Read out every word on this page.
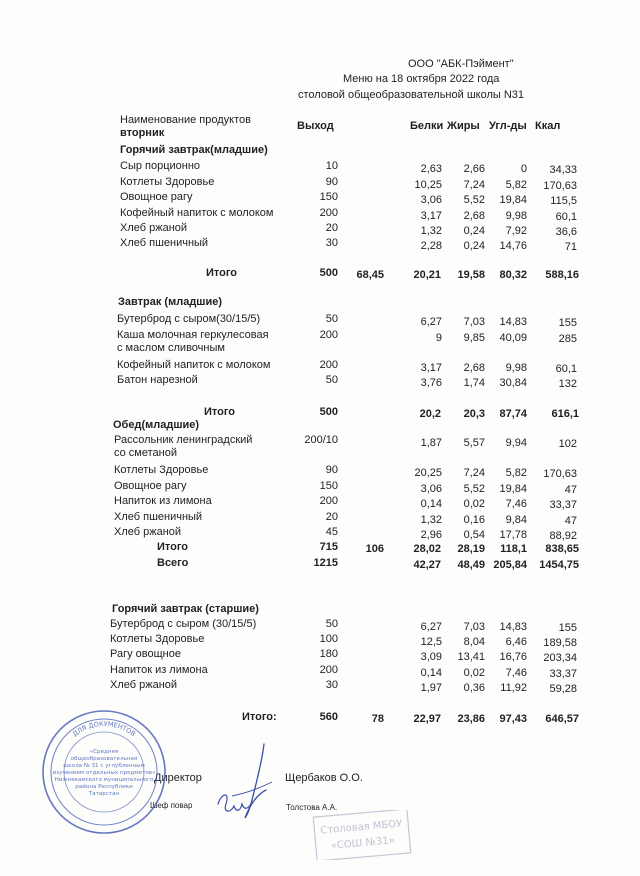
ООО "АБК-Пэймент"
Меню на 18 октября 2022 года
столовой общеобразовательной школы N31
Наименование продуктов
вторник
Выход	Белки Жиры Угл-ды Ккал
Горячий завтрак(младшие)
Завтрак (младшие)
Обед(младшие)
Горячий завтрак (старшие)
Сыр порционно	10	2,63	2,66	0	34,33
Котлеты Здоровье	90	10,25	7,24	5,82	170,63
Овощное рагу	150	3,06	5,52	19,84	115,5
Кофейный напиток с молоком	200	3,17	2,68	9,98	60,1
Хлеб ржаной	20	1,32	0,24	7,92	36,6
Хлеб пшеничный	30	2,28	0,24	14,76	71
Итого	500	68,45	20,21	19,58	80,32	588,16
Бутерброд с сыром(30/15/5)	50	6,27	7,03	14,83	155
Каша молочная геркулесовая
с маслом сливочным
200	9	9,85	40,09	285
Кофейный напиток с молоком	200	3,17	2,68	9,98	60,1
Батон нарезной	50	3,76	1,74	30,84	132
Итого	500	20,2	20,3	87,74	616,1
Рассольник ленинградский
со сметаной
200/10	1,87	5,57	9,94	102
Котлеты Здоровье	90	20,25	7,24	5,82	170,63
Овощное рагу	150	3,06	5,52	19,84	47
Напиток из лимона	200	0,14	0,02	7,46	33,37
Хлеб пшеничный	20	1,32	0,16	9,84	47
Хлеб ржаной	45	2,96	0,54	17,78	88,92
Итого	715	106	28,02	28,19	118,1	838,65
Всего	1215	42,27	48,49 205,84	1454,75
Бутерброд с сыром (30/15/5)	50	6,27	7,03	14,83	155
Котлеты Здоровье	100	12,5	8,04	6,46	189,58
Рагу овощное	180	3,09	13,41	16,76	203,34
Напиток из лимона	200	0,14	0,02	7,46	33,37
Хлеб ржаной	30	1,97	0,36	11,92	59,28
Итого:	560	78	22,97	23,86	97,43	646,57
Директор	Щербаков О.О.
Шеф повар	Толстова А.А.
ДЛЯ ДОКУМЕНТОВ
«Средняя
общеобразовательная
школа № 31 с углубленным
изучением отдельных предметов»
Нижнекамского муниципального
района Республики
Татарстан
Столовая МБОУ
«СОШ №31»
